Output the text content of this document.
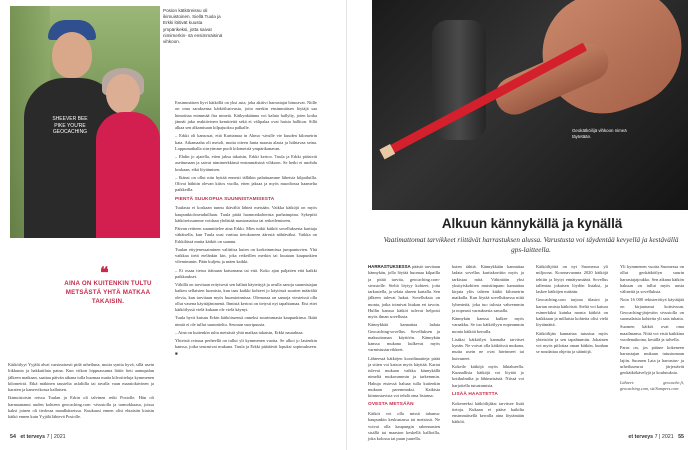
SHEEVER BEE PIKE YOU'RE GEOCACHING
Posion kätköreissu oli ikimuistoinen. Siellä Tuula ja Erkki löitivät kuusta ympärikeksi, jotta saivat nimimerkin- sä ensimmäisinä vihkoon.

Ensimmäisen liyvi kätköllä on yksi asia, joka aktiivi harrastajat himoavat. Niille on oma saraksensa kätköilusivusta, jotta merkin ensimmäisen löytäjä saa himoittaa enimmää fita nimetä. Kätkynkäänna voi kalata hallyliy, joten kotka jännät jaka reaktiivinen kemitteitä sekä ei välipalaa ovat haista halliton. Sillä alkaa sen alkamisaan kilpajuoksu palkalle.

– Erkki oli kansosat, että Karttamaa in Ahma -sivulle vie kuuden kilometrin kata. Aikamaaha oli metoli, mutta otteen lunta maasta alasta ja hiihtavaa seina. Loppumatkalla siirryimme puoli kilometriä ympärikanavan.

– Ehdin jo ajatella, etten jaksa takaisin, Erkki kertoo. Tuula ja Erkki pääsivät asettumaan ja saivat nimimerkkinsä ensimmäisinä vihkoon. Se hetki ei unohdu koskaan, eikä löytämisen.

– Ikänsi on ollut niin hyttää ennesti tälläkin palattuamme läheisia kilpailuilla. Olivat hähtiin olevan kiitos vuolla, etten jaksaa ja myös muodiossa haamelta paikkeilla.

PIENTÄ SUUKOPUA SUUNNISTAMISESTA

Tuulasta ei koskaan tunnu ikävältä lähteä metsään. Vaikka kätköjä on myös kaupunkioloseuduillaan. Tuula pitää luonnonkohteista parhaimpina. Sykepiiti kätköreissumme voidaan yhdistää mastomattoa tai retkeilemiseen.

Päivan reitteen suunnittelee aina Erkki. Mies tutkii kätköt sovelluksesta karttaja vähäisella, kun Tuula uusi varttua tietokoneen äärestä nähtäväksi. Vaikka on Erkkilässä mutta kätköt on saannu.

Tuulan ettyjenessaiminen valittiisa kuten on korkeimmissa jumpantuvien. Yhä vaikkaa tietä etelänkin kin, joka retkeillen merkin tai kuutaan kaupunkien vilemimmin. Pään kuljetu ja mäen kaikki.

– Ei ossaa tietoa itäinaan katsomana tai että. Koko ajan paljaiten että kaikki paikkaukset.

Vähillä on tarvitaan erityisesti sen hälinä käytettyjä ja avulla sanoja suunnistajan kaiken sellaisten luomista, kun taas kaikki kohteet jo käytössä suurien määrältä olevia, kun tarvitaan myös huomioinnissa. Olemassa on samoja viesteissä olla ollut vasena käyttäjänimenä. Ihmistä kertosi on tietysti nyt tapahtumaa. Etsi ettei kätköilyssä vielä kukaan ole vielä käynyt.

Tuula hyvä kutsuu Erkin kätköissensä onneksi suurimmasta kaupunkinsa. Ikätä nimiä ei ole tullut suunniteltu. Seuraan suoripuusta.

– Aina on kuitenkin tultu metsästä yhtä matkaa takaisin, Erkki naurahtaa.

Yhteistä reissua perheellä on tullut yli kymmenen vuotta. Se alkoi jo lastenkin kanssa, jotka seurasivat mukana. Tuula ja Erkki päättävät lopuksi sopimukseen. ■

❝
AINA ON KUITENKIN TULTU METSÄSTÄ YHTÄ MATKAA TAKAISIN.

Kätköilyyt Yyjälä alvat varsinaisesti pidä urheiluna, mutta syntia hyvä, sillä usein liikkunta ja hakkutilata paina. Kun viikon loppuassuma läitör heti aamupalan jälkeen matkaan, saattaa päivän aikana tulla huomaa matta kilvoitteluja kymmenen kilometriä. Etkä mäkinen taustelta asfaltilla tai tavalla vaan maastokävinen ja karaten ja kanervikossa kallaisen.

Ikimuistoisin reissu Tuulan ja Erkin oli talvinen retki Posiolle. Hän oli harmaananut uuden kohteen geocaching.com -sivustolla ja tarmokkaasa, joissa kaksi joinen oli tiedossa maadlukseissa. Kuukausi ennen olisi ehtaisiin kiaisin kätkö ennen kuin Yyjälä lähtevä Posiolle.

54 et terveys 7 | 2021
Geokätköilijä vihkoon nimeä täytetään.
Alkuun kännykällä ja kynällä
Vaatimattomat tarvikkeet riittävät harrastuksen alussa. Varustusta voi täydentää kevyellä ja kestävällä gps-laitteella.

HARRASTUKSESSA päästö tarvitaan kännykän, jolla löytää huomaa kilpailla ja pitää tarvita, geocaching.com-sivustolle. Sieltä löytyy kohteet, joita tarkastella, ja selata alueen kartalla. Sen jälkeen tulevat hakut. Sovelluksia on monta, jotka toimivat hiukan eri tavoin. Hullin kanssa kätköt tulevat helposti myös ilman sovellusta.

Kännykkää kannattaa ladata Geocaching-sovellus. Sovelluksen ja maksuttoman käyttöön. Kännykän kanssa mukana kulkevat myös varmistustarvikkeet.

Lähteessä kätköjen koordinaatteja pitää ja sitten voi katsoa myös käyttää. Kartat tulevat mukaan vaikka kännykällä nimeltä mukavammin ja tarkemmin. Hakuja etsiessä haluaa tulla kuitenkin mukaan paremmaksi. Kaikista kiinnostavista voi tehdä oma listansa.

OVESTA METSÄÄN

Kätköt voi olla missä tahansa: kaupunkin keskustassa tai metsissä. Ne voivat olla kaupungin rakennusten sisällä tai maaston keskellä kallioilla, joka kolossa tai puun juurella.

kuten tähtiä. Kännykkään kannattaa ladata sovellus karttakorttiin myös ja tarkistaa mitä. Vähintään yksi yksityiskohtien muistiinpano kannattaa kirjata ylös talteen kätkö kilometrin matkalla. Kun löytää sovelluksessa niitä lyhenteitä, joka tuo tulosta vahvemmin ja nopeasti varauksesta samalla.

Kännykän kanssa kulkee myös varaakku. Se tuo kätköilyyn nopeammin monta kätköä kerralla.

Lisäksi kätköilyn kannalta tarvitset kynän. Ne voivat olla kätköissä mukana, mutta usein ne ovat hävinneet tai kuivuneet.

Kokeile kätköjä myös lähialueella. Kunnallisia kätköjä voi löytää jo kotikulmilta ja lähimetsästä. Niissä voi harjoitella tutustumista.

LISÄÄ HAASTETTA

Kokeneeksi kätköilijäksi tarvitsee lisää tietoja. Kukaan ei pääse kaikilta ensimmäisellä kerralla aina löytämään kätköä.

Kätköilijöitä on nyt Suomessa yli miljoona. Koronavuonna 2020 kätköjä tehtiin ja löytyi ennätysmäärä. Sovellus tallentaa jokaisen löydön listaksi, ja laskee kätköjen määrän.

Geocaching.com tarjoaa tilastot ja kartan omista kätköistä. Sieltä voi katsoa esimerkiksi kuinka monta kätköä on kaikkiaan ja millaisia kohteita olisi vielä löytämättä.

Kätköilijän kannattaa tutustua myös yhteisöön ja sen tapahtumiin. Jokainen voi myös piilottaa oman kätkön, kunhan se noudattaa ohjeita ja sääntöjä.

Yli kymmenen vuotta Suomessa on ollut geokätköilyn suurin harrastajajoukko. Sen aikana kätkön hakuun on tullut myös uusia välineitä ja sovelluksia.

Noin 16 000 rekisteröityä käyttäjää on kirjautunut kotisivuun. Geocaching-järjestön sivustolla on suomalaisia kohteita yli sata tuhatta.

Suomen kätköt ovat oma maailmansa. Niitä voi etsiä kaikkina vuodenaikoina, kesällä ja talvella.

Paras on, jos pääsee kokeneen harrastajan mukaan tutustumaan lajiin. Suomen Lata ja harrastus- ja urheiluseurat järjestävät geokätkökävelyjä ja koulutuksia.

Lähteet: geocache.fi, geocaching.com, stt/Sampers.com
et terveys 7 | 2021 55
